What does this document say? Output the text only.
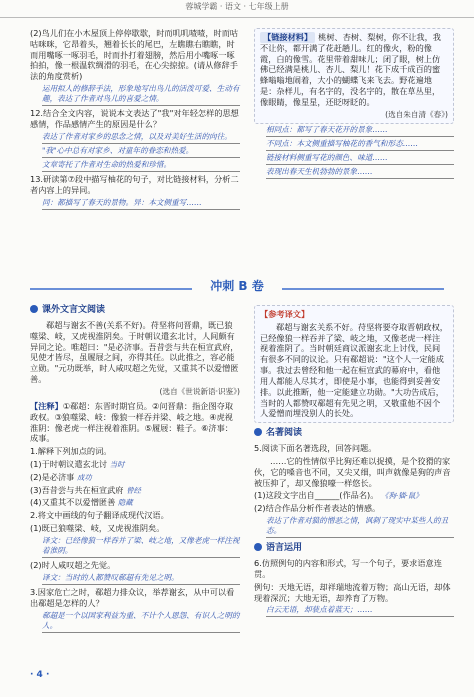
蓉城学霸 · 语文 · 七年级上册

(2)鸟儿们在小木屋顶上停停歇歇，时而叽叽喳喳，时而咕咕咪咪，它昂着头，翘着长长的尾巴，左瞧瞧右瞧瞧，时而用嘴啄一啄羽毛，时而扑打着翅膀，然后用小嘴啄一啄拍拍，像一根温软绸滑的羽毛，在心尖掠掠。(请从修辞手法的角度赏析)

运用拟人的修辞手法，形象地写出鸟儿的活泼可爱、生动有趣，表达了作者对鸟儿的喜爱之情。

12.结合全文内容，说说本文表达了"我"对年轻怎样的思想感情，作品感情产生的原因是什么？

表达了作者对家乡的思念之情，以及对美好生活的向往。
"我"心中总有对家乡、对童年的眷恋和热爱。
文章寄托了作者对生命的热爱和珍惜。

13.研读第⑦段中描写柚花的句子，对比链接材料，分析二者内容上的异同。

同：都描写了春天的景物。异：本文侧重写……
【链接材料】 桃树、杏树、梨树，你不让我，我不让你，都开满了花赶趟儿。红的像火，粉的像霞，白的像雪。花里带着甜味儿；闭了眼，树上仿佛已经满是桃儿、杏儿、梨儿！花下成千成百的蜜蜂嗡嗡地闹着，大小的蝴蝶飞来飞去。野花遍地是：杂样儿，有名字的，没名字的，散在草丛里，像眼睛，像星星，还眨呀眨的。
(选自朱自清《春》)
相同点：都写了春天花开的景象……
不同点：本文侧重描写柚花的香气和形态……
链接材料侧重写花的颜色、味道……
表现出春天生机勃勃的景象……
冲刺 B 卷
课外文言文阅读

郗超与谢玄不善(关系不好)。苻坚将问晋鼎，既已狼噬梁、岐，又虎视淮阴矣。于时朝议遣玄北讨，人间颇有异同之论。唯超曰："是必济事。吾昔尝与共在桓宣武府，见使才皆尽，虽履屐之间，亦得其任。以此推之，容必能立勋。"元功既举，时人咸叹超之先觉，又重其不以爱憎匿善。

(选自《世说新语·识鉴》)

【注释】①郗超：东晋时期官员。②问晋鼎：指企图夺取政权。③狼噬梁、岐：像狼一样吞并梁、岐之地。④虎视淮阴：像老虎一样注视着淮阴。⑤履屐：鞋子。⑥济事：成事。

1.解释下列加点的词。

(1)于时朝议遣玄北讨 当时

(2)是必济事 成功

(3)吾昔尝与共在桓宣武府 曾经

(4)又重其不以爱憎匿善 隐藏

2.将文中画线的句子翻译成现代汉语。

(1)既已狼噬梁、岐，又虎视淮阴矣。

译文：已经像狼一样吞并了梁、岐之地，又像老虎一样注视着淮阴。

(2)时人咸叹超之先觉。

译文：当时的人都赞叹郗超有先见之明。

3.因家危亡之时，郗超力排众议，举荐谢玄，从中可以看出郗超是怎样的人？

郗超是一个以国家利益为重、不计个人恩怨、有识人之明的人。
【参考译文】

郗超与谢玄关系不好。苻坚将要夺取晋朝政权，已经像狼一样吞并了梁、岐之地，又像老虎一样注视着淮阴了。当时朝廷商议派谢玄北上讨伐，民间有很多不同的议论。只有郗超说："这个人一定能成事。我过去曾经和他一起在桓宣武的幕府中，看他用人都能人尽其才，即使是小事，也能得到妥善安排。以此推断，他一定能建立功勋。"大功告成后，当时的人都赞叹郗超有先见之明，又敬重他不因个人爱憎而埋没别人的长处。

名著阅读

5.阅读下面名著选段，回答问题。

……它的性情似乎比狗还难以捉摸，是个狡猾的家伙，它的嗓音也不同，又尖又细，叫声就像是狗的声音被压抑了，却又像狼嚎一样悠长。

(1)这段文字出自______(作品名)。 《狗·猫·鼠》

(2)结合作品分析作者表达的情感。

表达了作者对猫的憎恶之情，讽刺了现实中某些人的丑态。
语言运用

6.仿照例句的内容和形式，写一个句子，要求语意连贯。

例句：天地无语，却祥瑞地流着万物；高山无语，却体现着深沉；大地无语，却养育了万物。

白云无语，却装点着蓝天；……
· 4 ·
